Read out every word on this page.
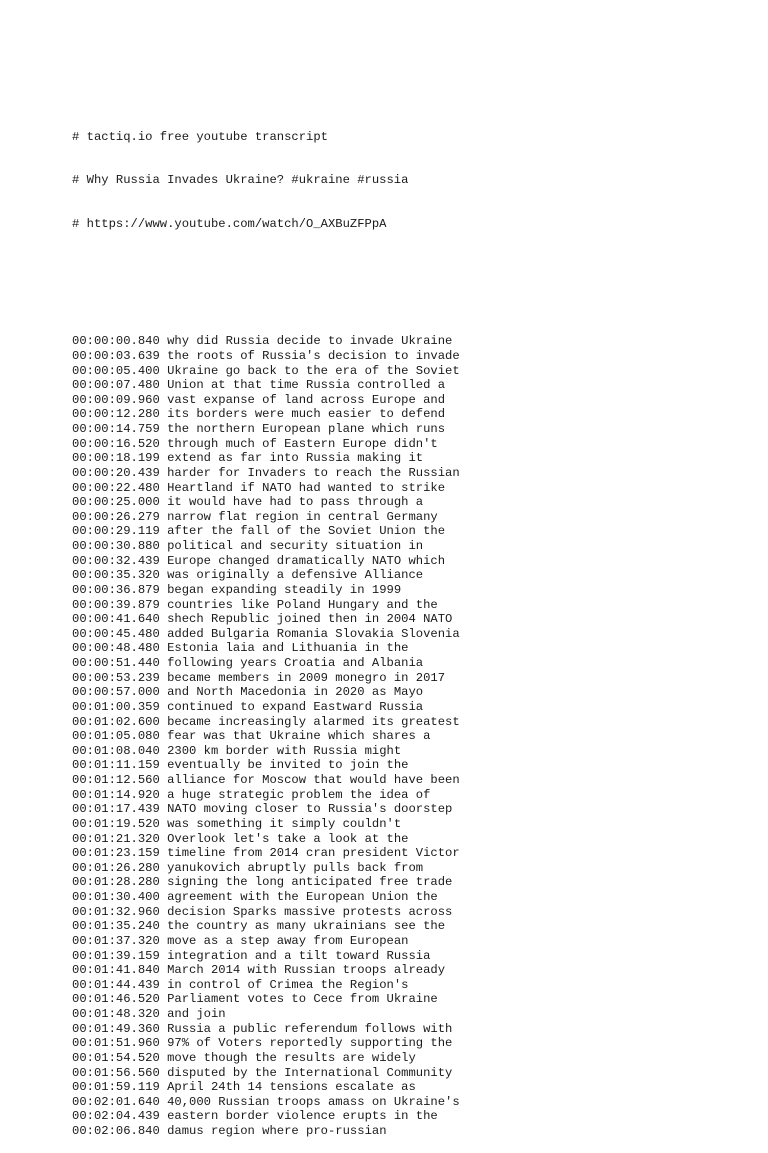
# tactiq.io free youtube transcript

# Why Russia Invades Ukraine? #ukraine #russia

# https://www.youtube.com/watch/O_AXBuZFPpA

00:00:00.840 why did Russia decide to invade Ukraine
00:00:03.639 the roots of Russia's decision to invade
00:00:05.400 Ukraine go back to the era of the Soviet
00:00:07.480 Union at that time Russia controlled a
00:00:09.960 vast expanse of land across Europe and
00:00:12.280 its borders were much easier to defend
00:00:14.759 the northern European plane which runs
00:00:16.520 through much of Eastern Europe didn't
00:00:18.199 extend as far into Russia making it
00:00:20.439 harder for Invaders to reach the Russian
00:00:22.480 Heartland if NATO had wanted to strike
00:00:25.000 it would have had to pass through a
00:00:26.279 narrow flat region in central Germany
00:00:29.119 after the fall of the Soviet Union the
00:00:30.880 political and security situation in
00:00:32.439 Europe changed dramatically NATO which
00:00:35.320 was originally a defensive Alliance
00:00:36.879 began expanding steadily in 1999
00:00:39.879 countries like Poland Hungary and the
00:00:41.640 shech Republic joined then in 2004 NATO
00:00:45.480 added Bulgaria Romania Slovakia Slovenia
00:00:48.480 Estonia laia and Lithuania in the
00:00:51.440 following years Croatia and Albania
00:00:53.239 became members in 2009 monegro in 2017
00:00:57.000 and North Macedonia in 2020 as Mayo
00:01:00.359 continued to expand Eastward Russia
00:01:02.600 became increasingly alarmed its greatest
00:01:05.080 fear was that Ukraine which shares a
00:01:08.040 2300 km border with Russia might
00:01:11.159 eventually be invited to join the
00:01:12.560 alliance for Moscow that would have been
00:01:14.920 a huge strategic problem the idea of
00:01:17.439 NATO moving closer to Russia's doorstep
00:01:19.520 was something it simply couldn't
00:01:21.320 Overlook let's take a look at the
00:01:23.159 timeline from 2014 cran president Victor
00:01:26.280 yanukovich abruptly pulls back from
00:01:28.280 signing the long anticipated free trade
00:01:30.400 agreement with the European Union the
00:01:32.960 decision Sparks massive protests across
00:01:35.240 the country as many ukrainians see the
00:01:37.320 move as a step away from European
00:01:39.159 integration and a tilt toward Russia
00:01:41.840 March 2014 with Russian troops already
00:01:44.439 in control of Crimea the Region's
00:01:46.520 Parliament votes to Cece from Ukraine
00:01:48.320 and join
00:01:49.360 Russia a public referendum follows with
00:01:51.960 97% of Voters reportedly supporting the
00:01:54.520 move though the results are widely
00:01:56.560 disputed by the International Community
00:01:59.119 April 24th 14 tensions escalate as
00:02:01.640 40,000 Russian troops amass on Ukraine's
00:02:04.439 eastern border violence erupts in the
00:02:06.840 damus region where pro-russian
